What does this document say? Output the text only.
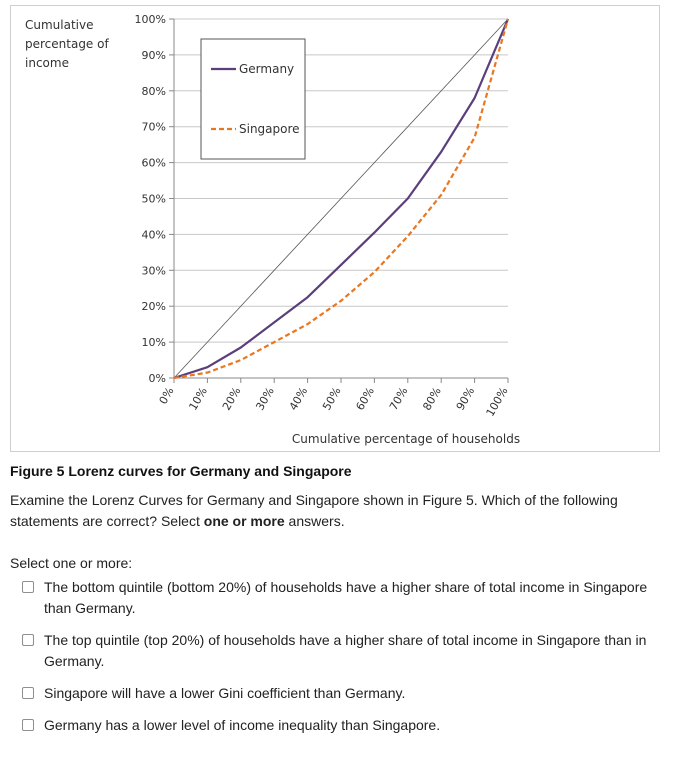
Cumulative percentage of income
0%
10%
20%
30%
40%
50%
60%
70%
80%
90%
100%
0% 10% 20% 30% 40% 50% 60% 70% 80% 90% 100%
Germany
Singapore
Cumulative percentage of households
Figure 5 Lorenz curves for Germany and Singapore
Examine the Lorenz Curves for Germany and Singapore shown in Figure 5. Which of the following statements are correct? Select one or more answers.
Select one or more:
The bottom quintile (bottom 20%) of households have a higher share of total income in Singapore than Germany.
The top quintile (top 20%) of households have a higher share of total income in Singapore than in Germany.
Singapore will have a lower Gini coefficient than Germany.
Germany has a lower level of income inequality than Singapore.
